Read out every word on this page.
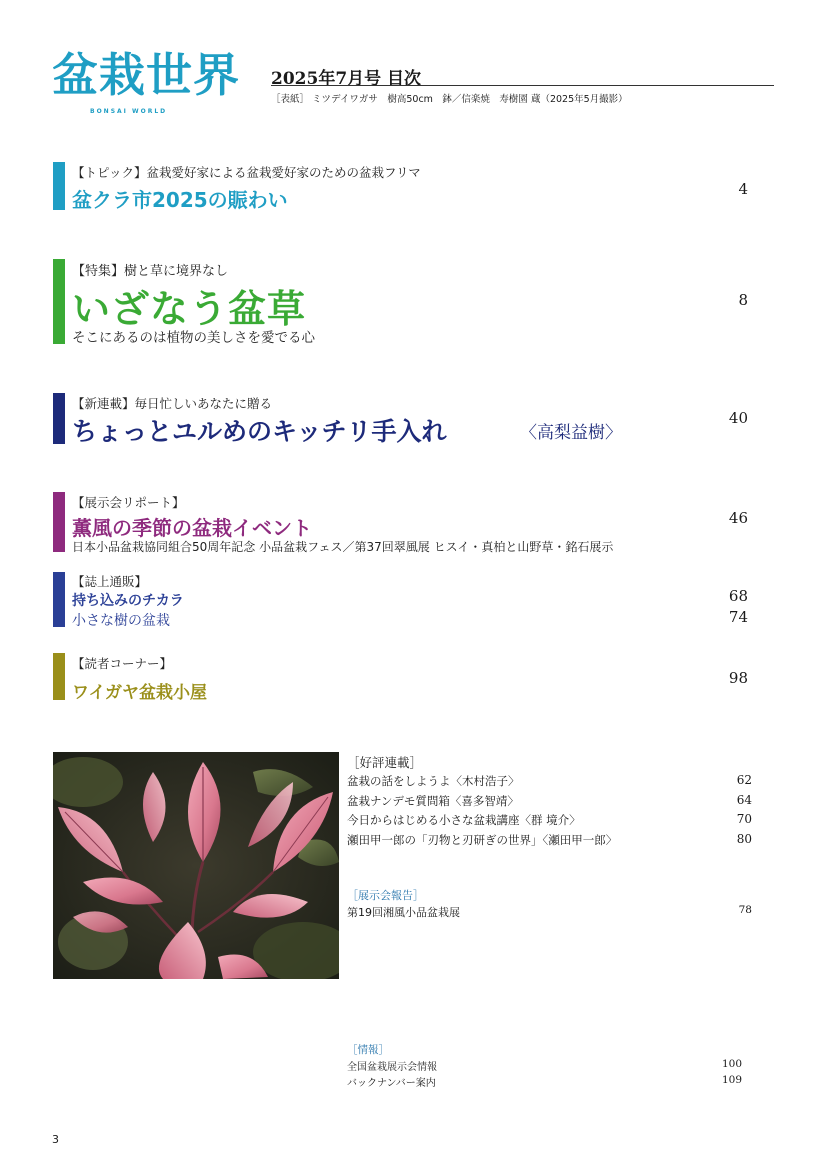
盆栽世界
BONSAI WORLD
2025年7月号 目次
［表紙］ ミツデイワガサ　樹高50cm　鉢／信楽焼　寿樹園 蔵（2025年5月撮影）
【トピック】盆栽愛好家による盆栽愛好家のための盆栽フリマ
盆クラ市2025の賑わい	4
【特集】樹と草に境界なし
いざなう盆草
そこにあるのは植物の美しさを愛でる心
8
【新連載】毎日忙しいあなたに贈る
ちょっとユルめのキッチリ手入れ	〈高梨益樹〉
40
【展示会リポート】
薫風の季節の盆栽イベント
日本小品盆栽協同組合50周年記念 小品盆栽フェス／第37回翠風展 ヒスイ・真柏と山野草・銘石展示
46
【誌上通販】
持ち込みのチカラ	68
小さな樹の盆栽	74
【読者コーナー】
ワイガヤ盆栽小屋
98
［好評連載］
盆栽の話をしようよ〈木村浩子〉	62
盆栽ナンデモ質問箱〈喜多智靖〉	64
今日からはじめる小さな盆栽講座〈群 境介〉	70
瀬田甲一郎の「刃物と刃研ぎの世界」〈瀬田甲一郎〉	80
［展示会報告］
第19回湘風小品盆栽展	78
［情報］
全国盆栽展示会情報	100
バックナンバー案内	109
3
